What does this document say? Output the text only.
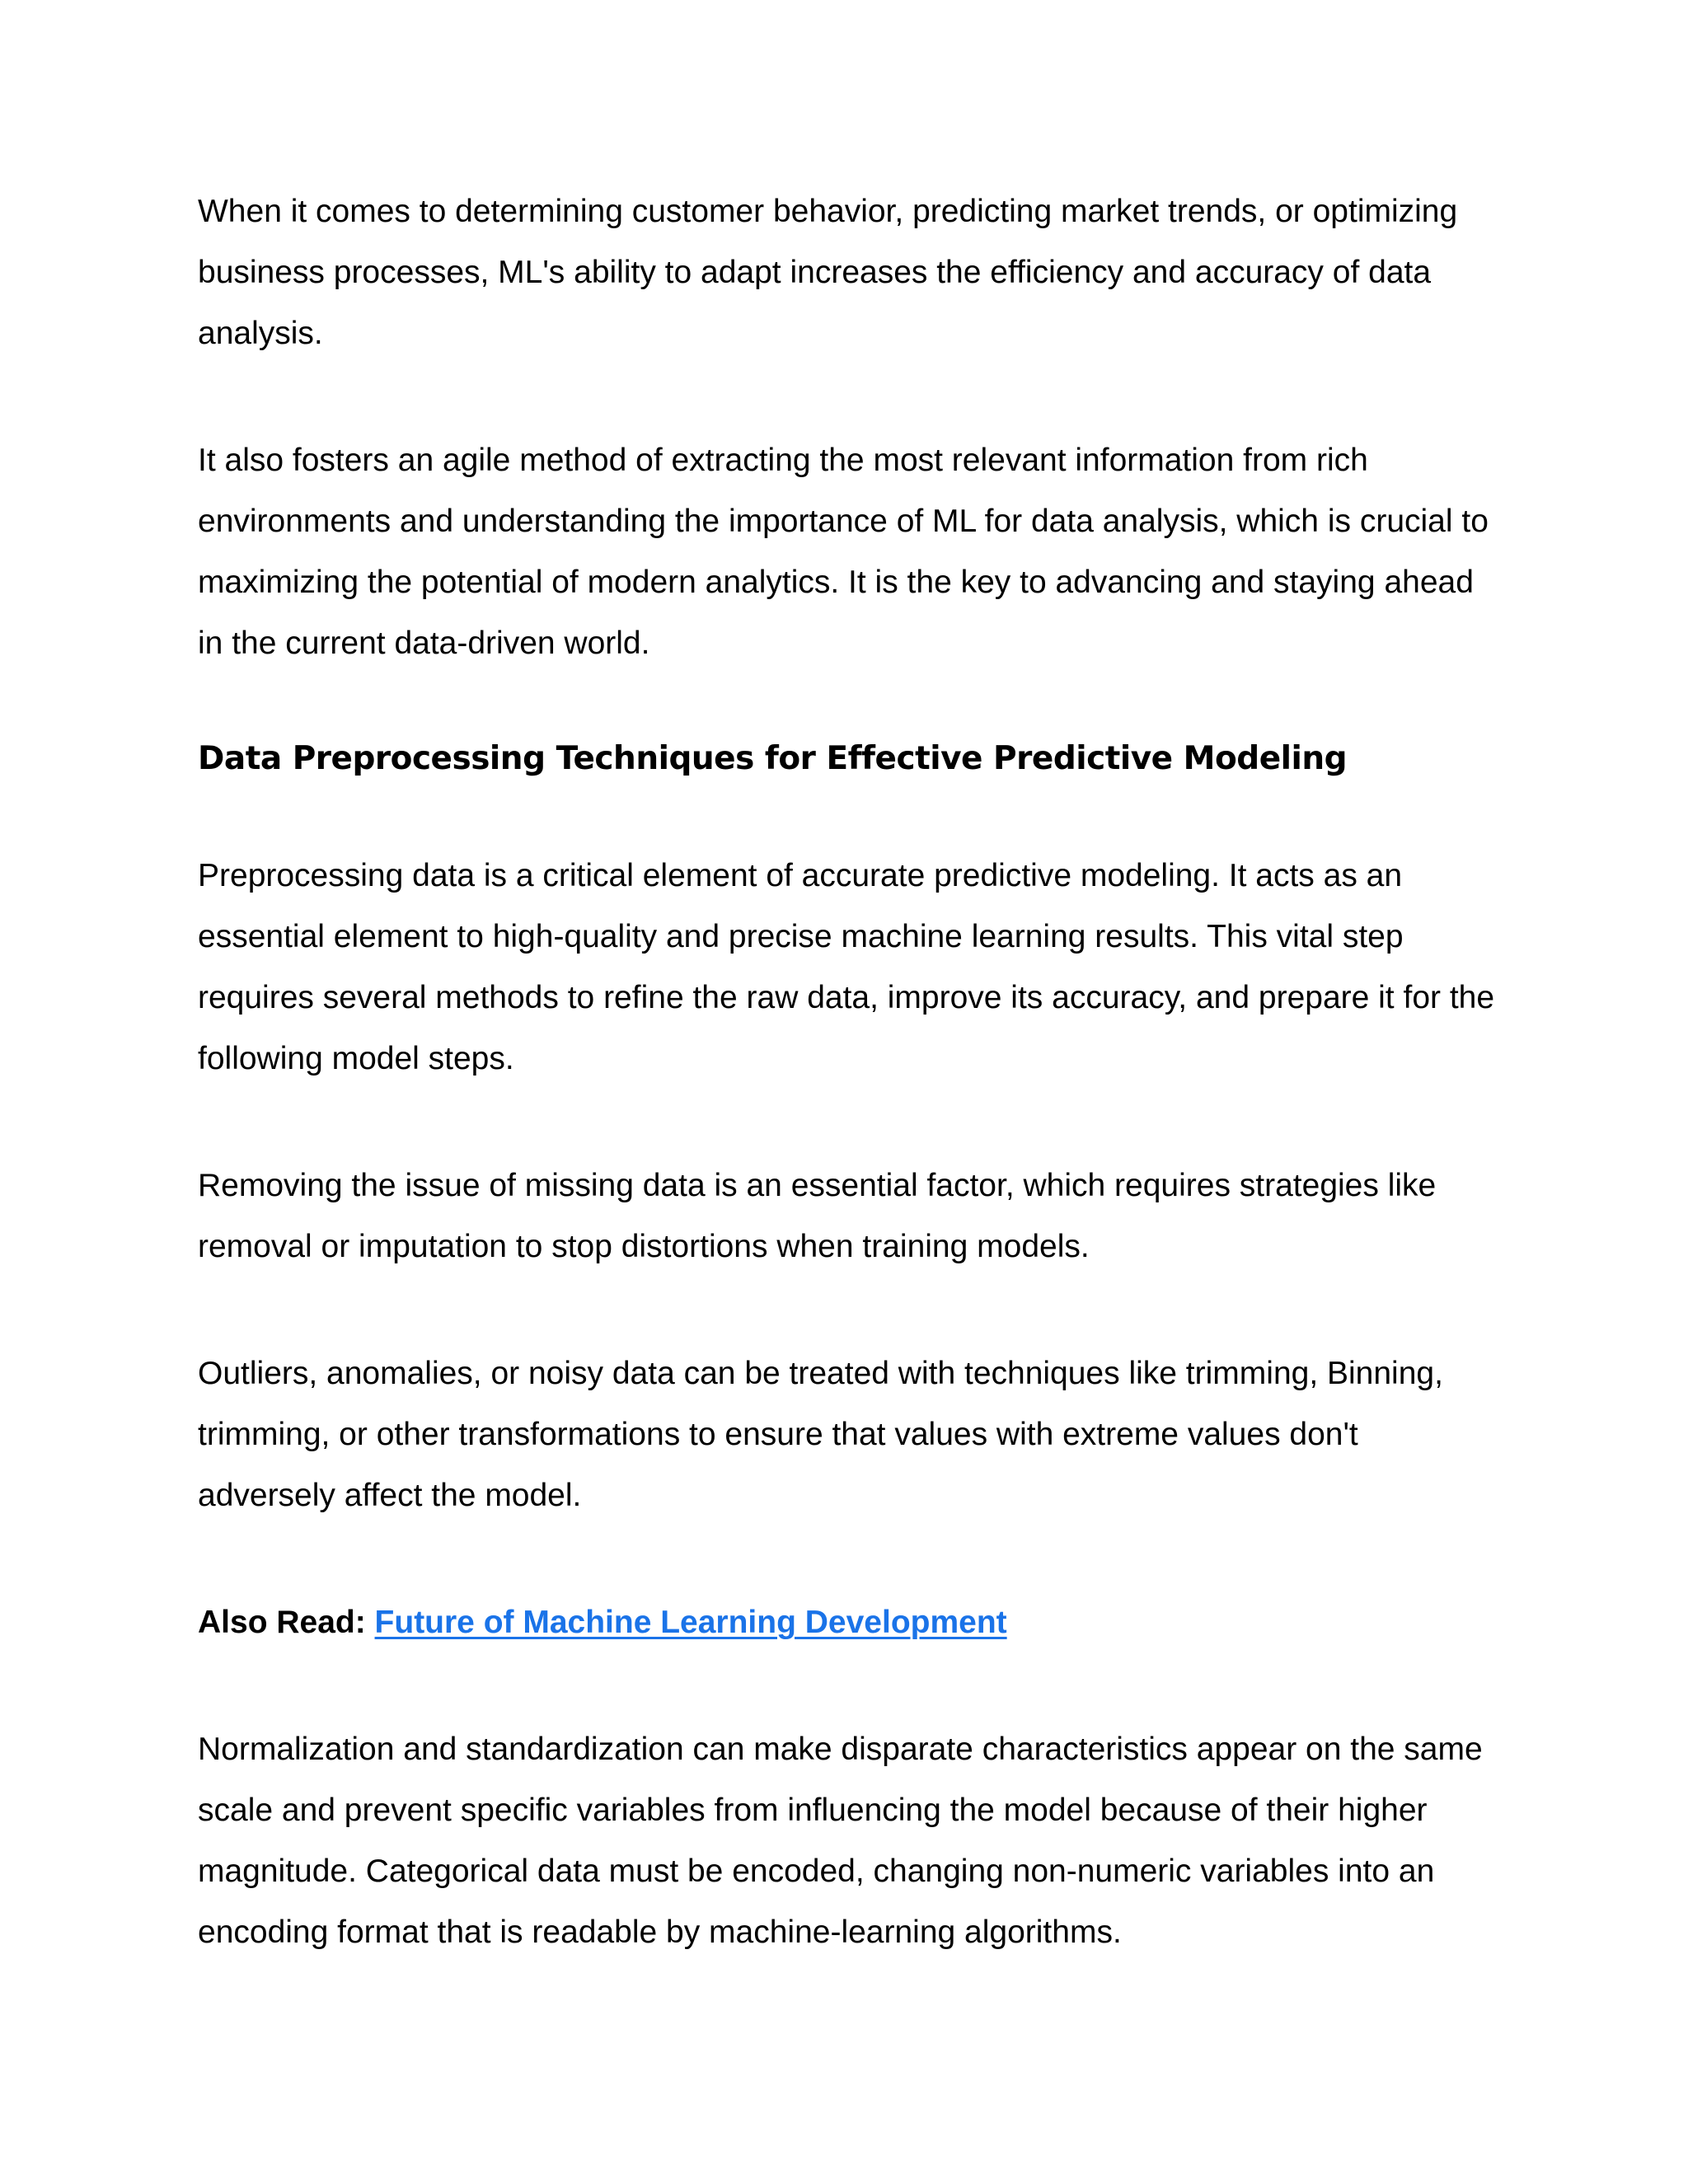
When it comes to determining customer behavior, predicting market trends, or optimizing business processes, ML's ability to adapt increases the efficiency and accuracy of data analysis.

It also fosters an agile method of extracting the most relevant information from rich environments and understanding the importance of ML for data analysis, which is crucial to maximizing the potential of modern analytics. It is the key to advancing and staying ahead in the current data-driven world.

Data Preprocessing Techniques for Effective Predictive Modeling

Preprocessing data is a critical element of accurate predictive modeling. It acts as an essential element to high-quality and precise machine learning results. This vital step requires several methods to refine the raw data, improve its accuracy, and prepare it for the following model steps.

Removing the issue of missing data is an essential factor, which requires strategies like removal or imputation to stop distortions when training models.

Outliers, anomalies, or noisy data can be treated with techniques like trimming, Binning, trimming, or other transformations to ensure that values with extreme values don't adversely affect the model.

Also Read: Future of Machine Learning Development

Normalization and standardization can make disparate characteristics appear on the same scale and prevent specific variables from influencing the model because of their higher magnitude. Categorical data must be encoded, changing non-numeric variables into an encoding format that is readable by machine-learning algorithms.
